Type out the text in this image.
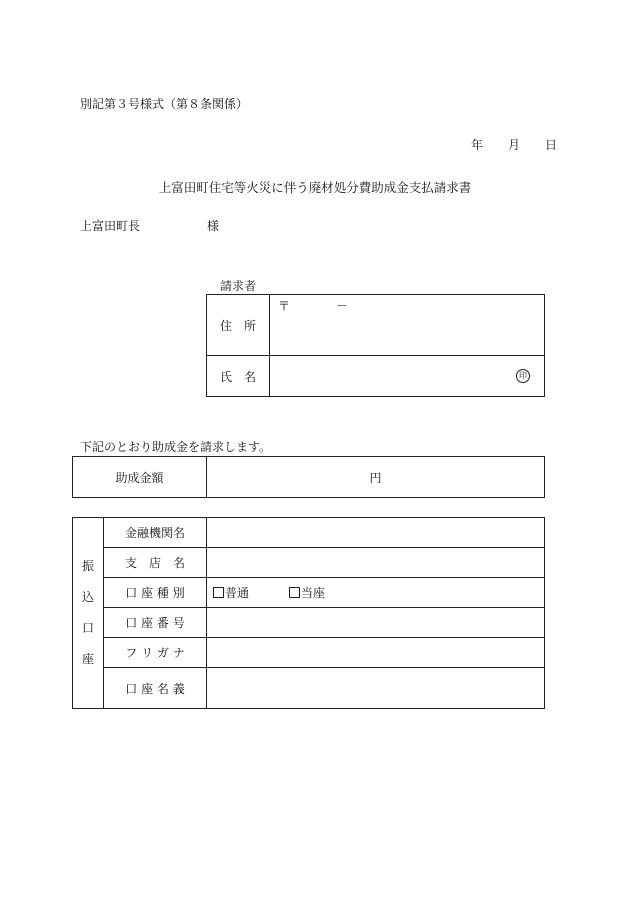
別記第３号様式（第８条関係）
年 月 日
上富田町住宅等火災に伴う廃材処分費助成金支払請求書
上富田町長	様
請求者
住　所	〒 －

氏　名	印
下記のとおり助成金を請求します。
助成金額	円
振
込
口
座	金融機関名	
	支　店　名	
	口 座 種 別	普通 当座
	口 座 番 号	
	フ リ ガ ナ	
	口 座 名 義	
